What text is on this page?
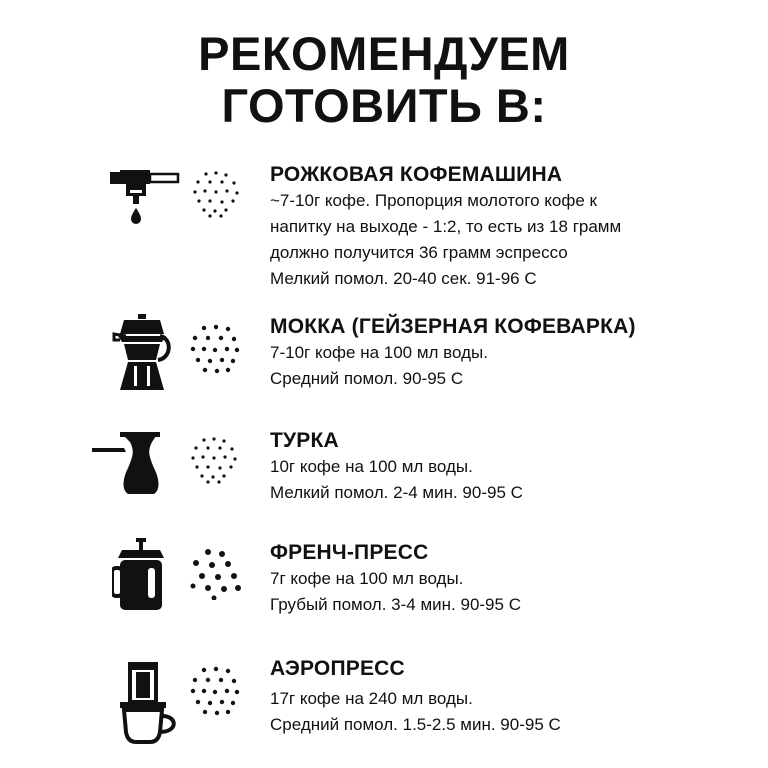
РЕКОМЕНДУЕМ
ГОТОВИТЬ В:
РОЖКОВАЯ КОФЕМАШИНА
~7-10г кофе. Пропорция молотого кофе к
напитку на выходе - 1:2, то есть из 18 грамм
должно получится 36 грамм эспрессо
Мелкий помол. 20-40 сек. 91-96 С
МОККА (ГЕЙЗЕРНАЯ КОФЕВАРКА)
7-10г кофе на 100 мл воды.
Средний помол. 90-95 С
ТУРКА
10г кофе на 100 мл воды.
Мелкий помол. 2-4 мин. 90-95 С
ФРЕНЧ-ПРЕСС
7г кофе на 100 мл воды.
Грубый помол. 3-4 мин. 90-95 С
АЭРОПРЕСС
17г кофе на 240 мл воды.
Средний помол. 1.5-2.5 мин. 90-95 С
